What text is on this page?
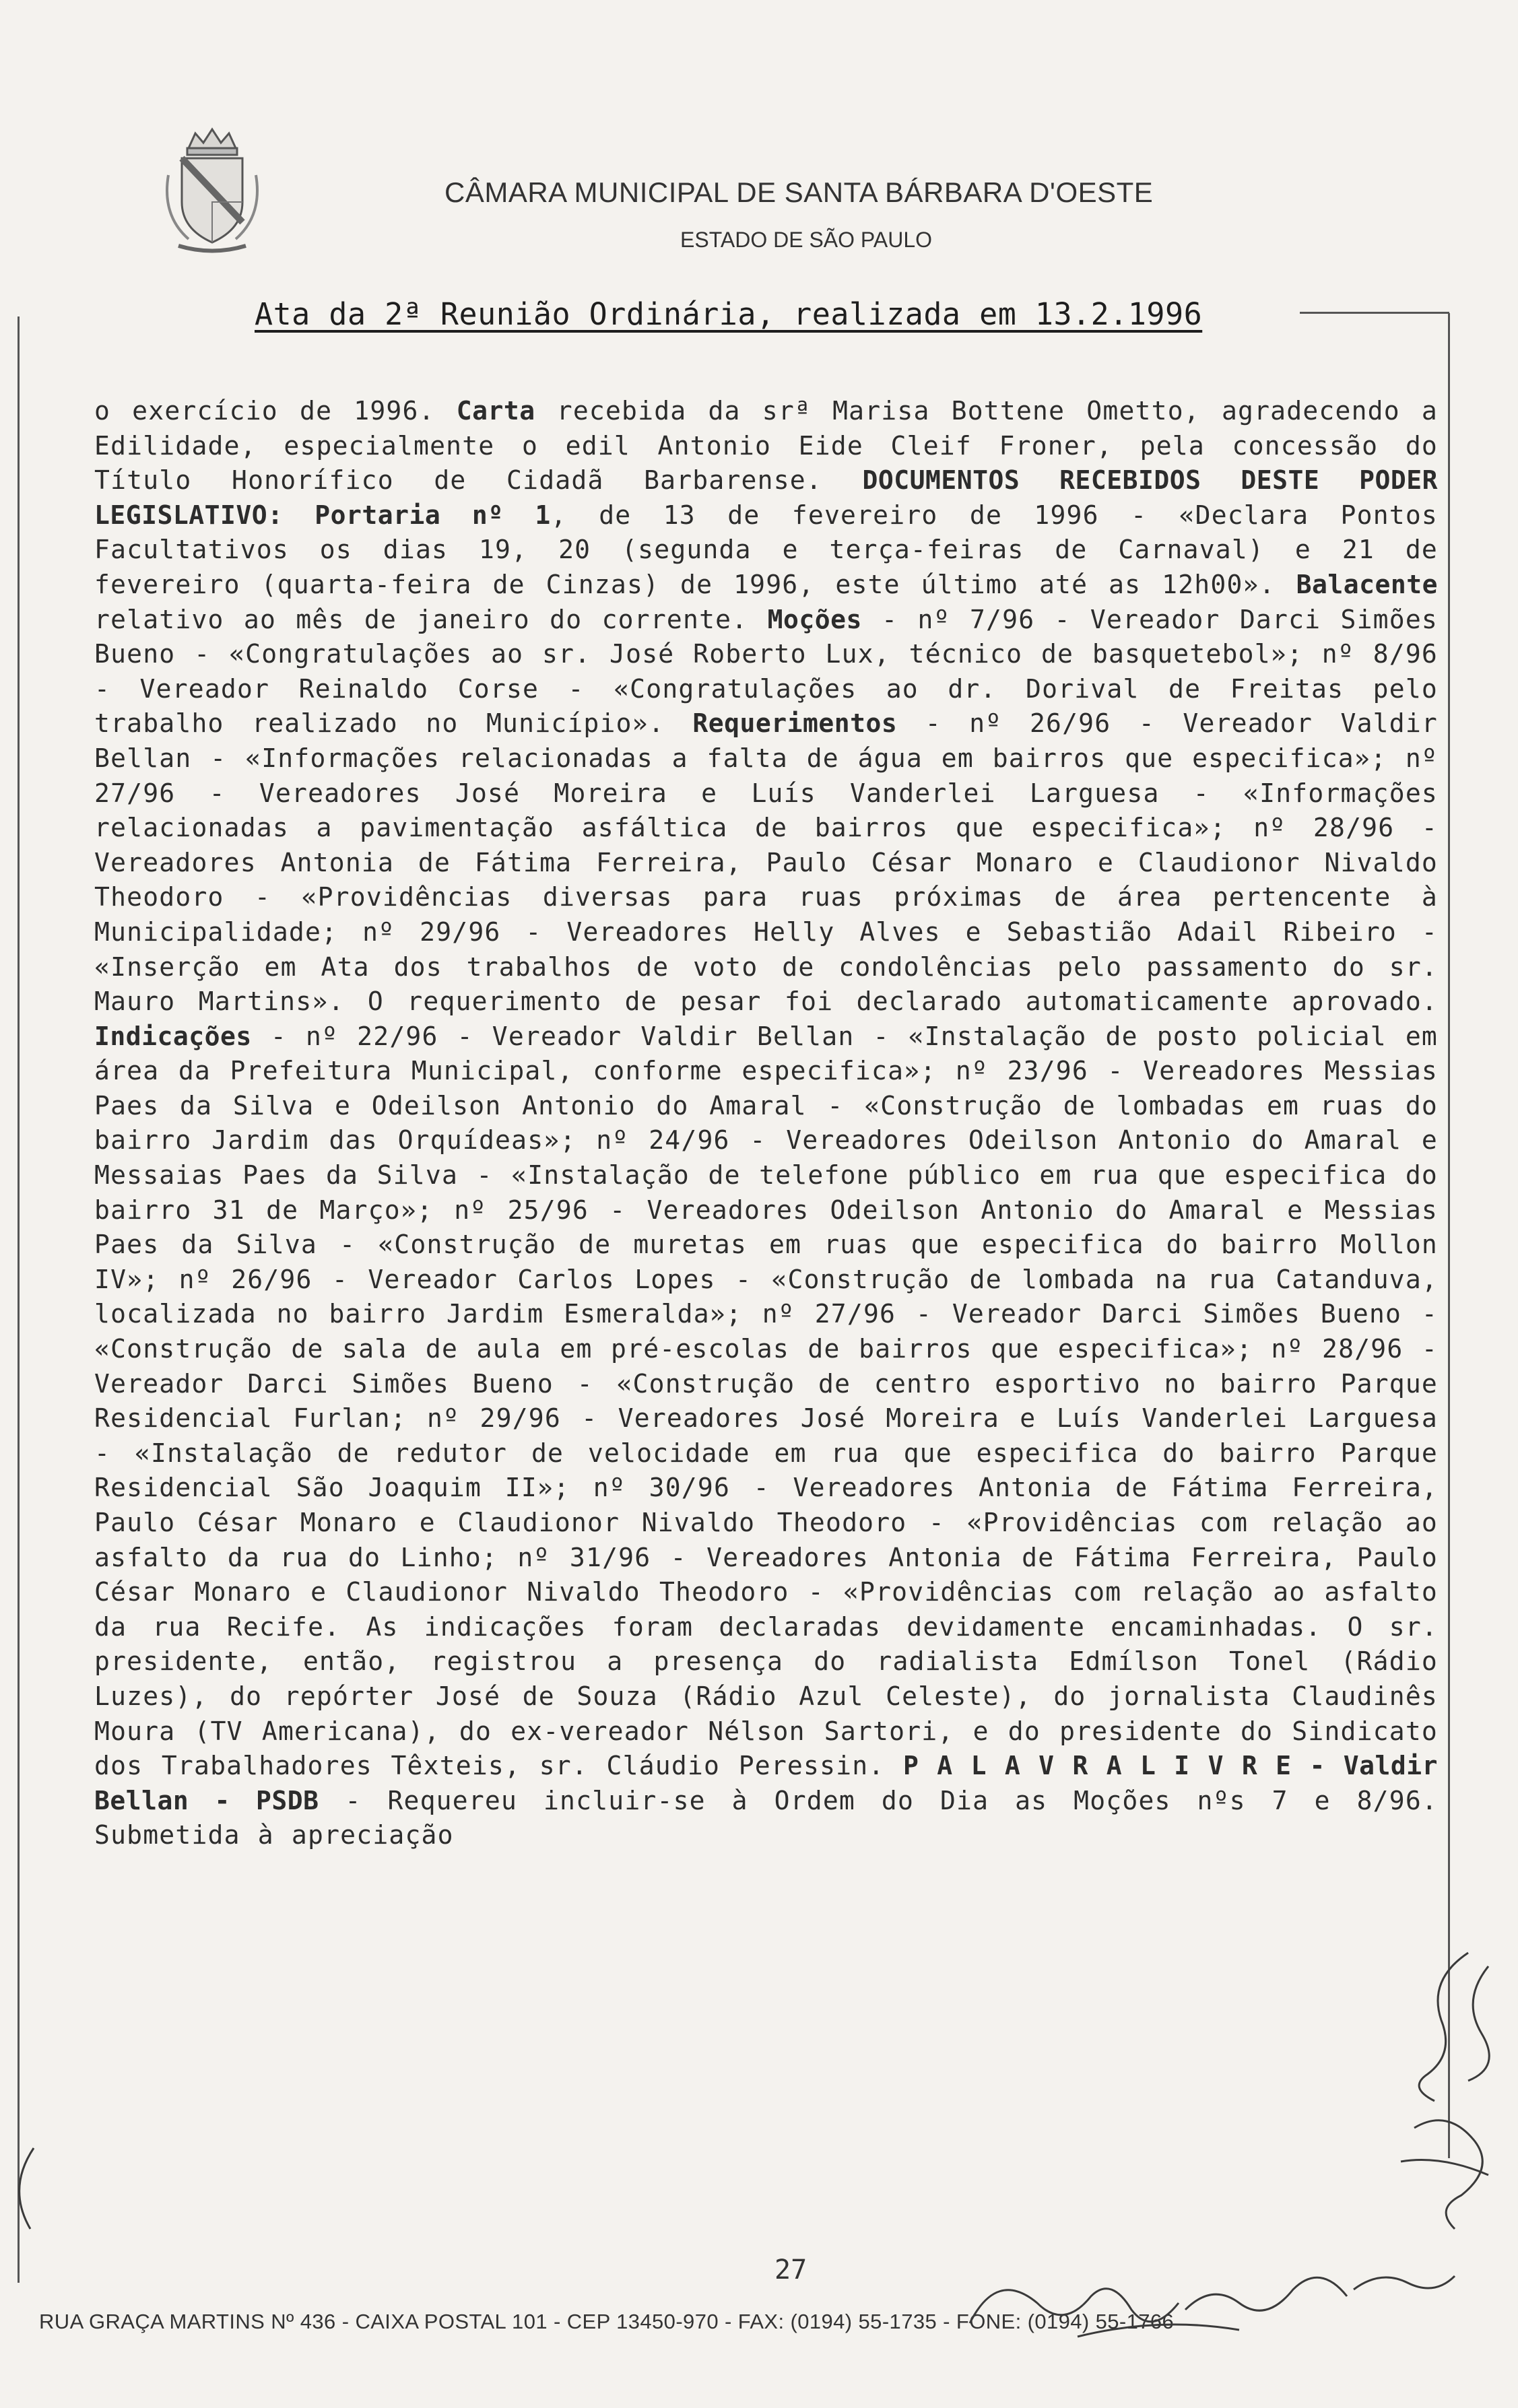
CÂMARA MUNICIPAL DE SANTA BÁRBARA D'OESTE
ESTADO DE SÃO PAULO
Ata da 2ª Reunião Ordinária, realizada em 13.2.1996
o exercício de 1996. Carta recebida da srª Marisa Bottene Ometto, agradecendo a Edilidade, especialmente o edil Antonio Eide Cleif Froner, pela concessão do Título Honorífico de Cidadã Barbarense. DOCUMENTOS RECEBIDOS DESTE PODER LEGISLATIVO: Portaria nº 1, de 13 de fevereiro de 1996 - «Declara Pontos Facultativos os dias 19, 20 (segunda e terça-feiras de Carnaval) e 21 de fevereiro (quarta-feira de Cinzas) de 1996, este último até as 12h00». Balacente relativo ao mês de janeiro do corrente. Moções - nº 7/96 - Vereador Darci Simões Bueno - «Congratulações ao sr. José Roberto Lux, técnico de basquetebol»; nº 8/96 - Vereador Reinaldo Corse - «Congratulações ao dr. Dorival de Freitas pelo trabalho realizado no Município». Requerimentos - nº 26/96 - Vereador Valdir Bellan - «Informações relacionadas a falta de água em bairros que especifica»; nº 27/96 - Vereadores José Moreira e Luís Vanderlei Larguesa - «Informações relacionadas a pavimentação asfáltica de bairros que especifica»; nº 28/96 - Vereadores Antonia de Fátima Ferreira, Paulo César Monaro e Claudionor Nivaldo Theodoro - «Providências diversas para ruas próximas de área pertencente à Municipalidade; nº 29/96 - Vereadores Helly Alves e Sebastião Adail Ribeiro - «Inserção em Ata dos trabalhos de voto de condolências pelo passamento do sr. Mauro Martins». O requerimento de pesar foi declarado automaticamente aprovado. Indicações - nº 22/96 - Vereador Valdir Bellan - «Instalação de posto policial em área da Prefeitura Municipal, conforme especifica»; nº 23/96 - Vereadores Messias Paes da Silva e Odeilson Antonio do Amaral - «Construção de lombadas em ruas do bairro Jardim das Orquídeas»; nº 24/96 - Vereadores Odeilson Antonio do Amaral e Messaias Paes da Silva - «Instalação de telefone público em rua que especifica do bairro 31 de Março»; nº 25/96 - Vereadores Odeilson Antonio do Amaral e Messias Paes da Silva - «Construção de muretas em ruas que especifica do bairro Mollon IV»; nº 26/96 - Vereador Carlos Lopes - «Construção de lombada na rua Catanduva, localizada no bairro Jardim Esmeralda»; nº 27/96 - Vereador Darci Simões Bueno - «Construção de sala de aula em pré-escolas de bairros que especifica»; nº 28/96 - Vereador Darci Simões Bueno - «Construção de centro esportivo no bairro Parque Residencial Furlan; nº 29/96 - Vereadores José Moreira e Luís Vanderlei Larguesa - «Instalação de redutor de velocidade em rua que especifica do bairro Parque Residencial São Joaquim II»; nº 30/96 - Vereadores Antonia de Fátima Ferreira, Paulo César Monaro e Claudionor Nivaldo Theodoro - «Providências com relação ao asfalto da rua do Linho; nº 31/96 - Vereadores Antonia de Fátima Ferreira, Paulo César Monaro e Claudionor Nivaldo Theodoro - «Providências com relação ao asfalto da rua Recife. As indicações foram declaradas devidamente encaminhadas. O sr. presidente, então, registrou a presença do radialista Edmílson Tonel (Rádio Luzes), do repórter José de Souza (Rádio Azul Celeste), do jornalista Claudinês Moura (TV Americana), do ex-vereador Nélson Sartori, e do presidente do Sindicato dos Trabalhadores Têxteis, sr. Cláudio Peressin. P A L A V R A L I V R E - Valdir Bellan - PSDB - Requereu incluir-se à Ordem do Dia as Moções nºs 7 e 8/96. Submetida à apreciação
27
RUA GRAÇA MARTINS Nº 436 - CAIXA POSTAL 101 - CEP 13450-970 - FAX: (0194) 55-1735 - FONE: (0194) 55-1766
